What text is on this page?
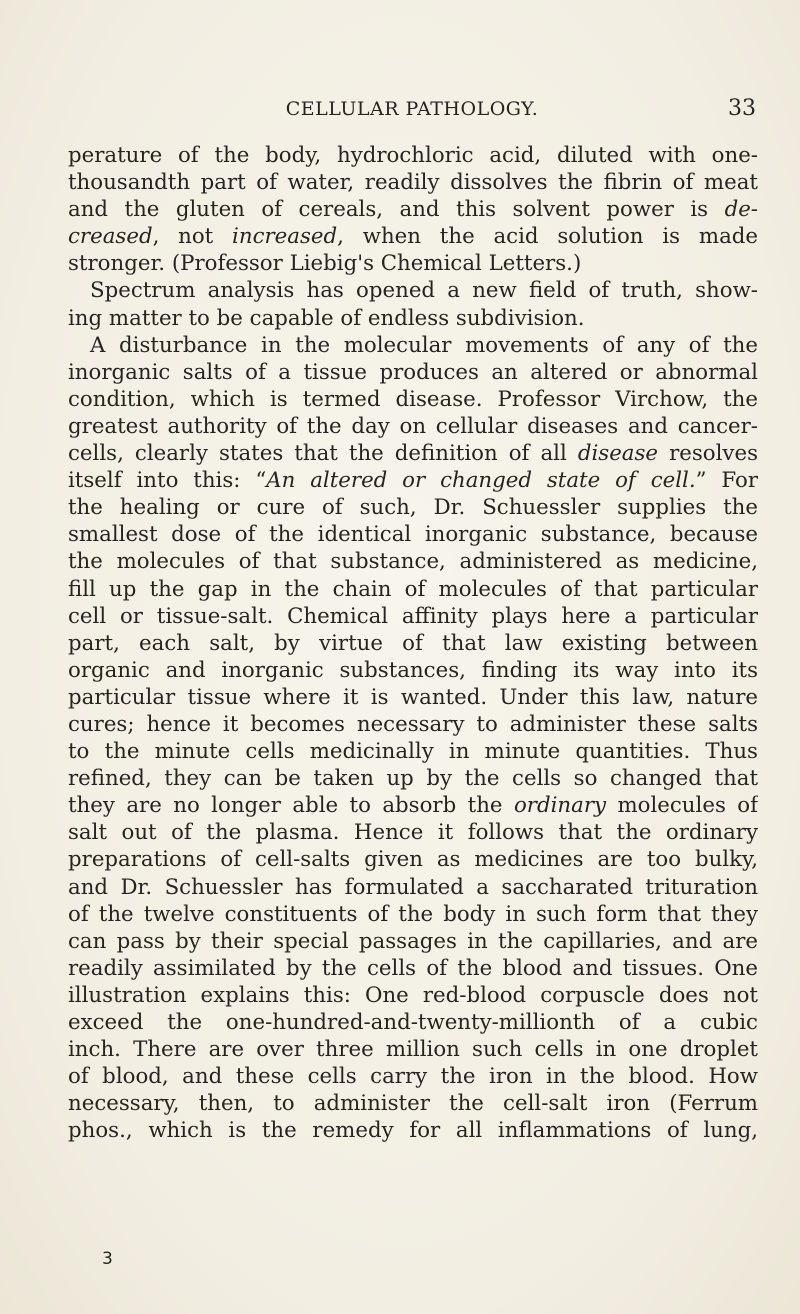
CELLULAR PATHOLOGY.	33
perature of the body, hydrochloric acid, diluted with one-
thousandth part of water, readily dissolves the fibrin of meat
and the gluten of cereals, and this solvent power is de-
creased, not increased, when the acid solution is made
stronger. (Professor Liebig's Chemical Letters.)
Spectrum analysis has opened a new field of truth, show-
ing matter to be capable of endless subdivision.
A disturbance in the molecular movements of any of the
inorganic salts of a tissue produces an altered or abnormal
condition, which is termed disease. Professor Virchow, the
greatest authority of the day on cellular diseases and cancer-
cells, clearly states that the definition of all disease resolves
itself into this: “An altered or changed state of cell.” For
the healing or cure of such, Dr. Schuessler supplies the
smallest dose of the identical inorganic substance, because
the molecules of that substance, administered as medicine,
fill up the gap in the chain of molecules of that particular
cell or tissue-salt. Chemical affinity plays here a particular
part, each salt, by virtue of that law existing between
organic and inorganic substances, finding its way into its
particular tissue where it is wanted. Under this law, nature
cures; hence it becomes necessary to administer these salts
to the minute cells medicinally in minute quantities. Thus
refined, they can be taken up by the cells so changed that
they are no longer able to absorb the ordinary molecules of
salt out of the plasma. Hence it follows that the ordinary
preparations of cell-salts given as medicines are too bulky,
and Dr. Schuessler has formulated a saccharated trituration
of the twelve constituents of the body in such form that they
can pass by their special passages in the capillaries, and are
readily assimilated by the cells of the blood and tissues. One
illustration explains this: One red-blood corpuscle does not
exceed the one-hundred-and-twenty-millionth of a cubic
inch. There are over three million such cells in one droplet
of blood, and these cells carry the iron in the blood. How
necessary, then, to administer the cell-salt iron (Ferrum
phos., which is the remedy for all inflammations of lung,
3
